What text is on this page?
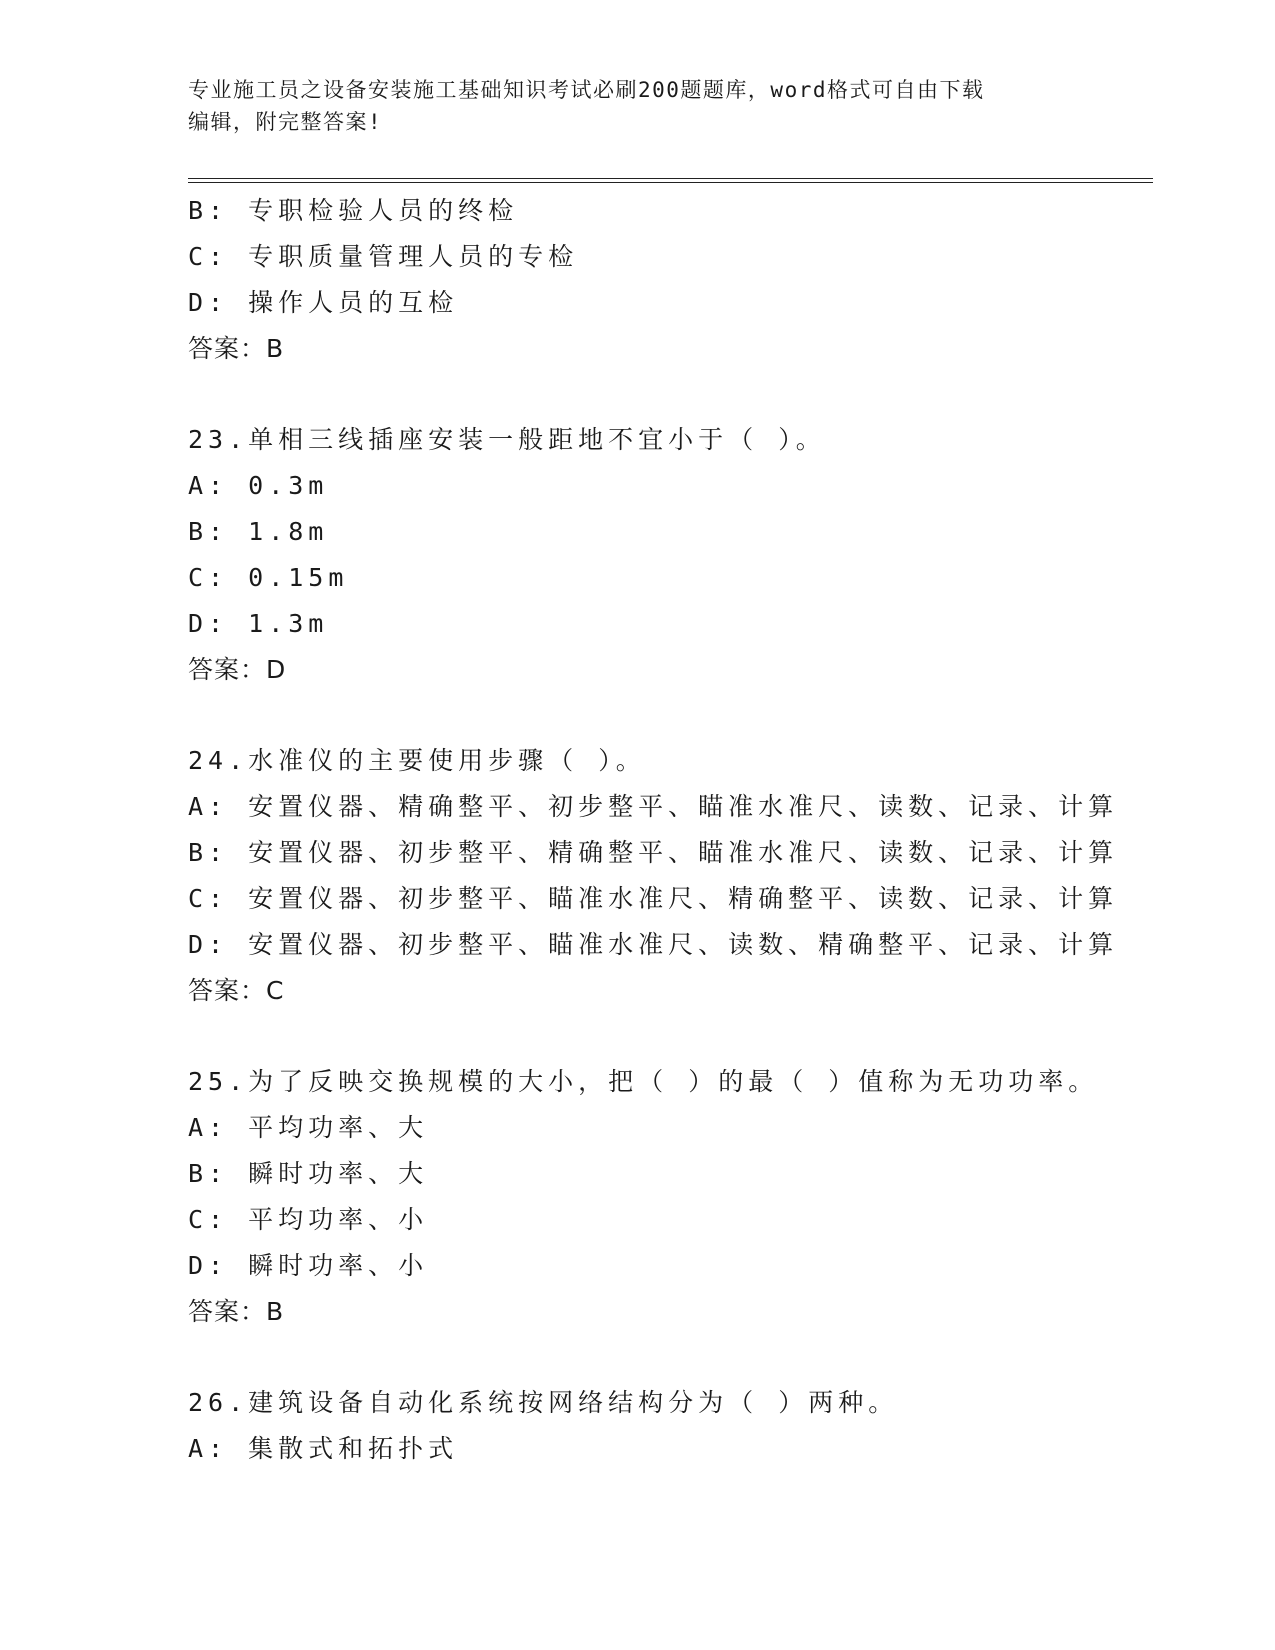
专业施工员之设备安装施工基础知识考试必刷200题题库，word格式可自由下载
编辑，附完整答案!
B: 专职检验人员的终检
C: 专职质量管理人员的专检
D: 操作人员的互检
答案：B
23.单相三线插座安装一般距地不宜小于（ ）。
A: 0.3m
B: 1.8m
C: 0.15m
D: 1.3m
答案：D
24.水准仪的主要使用步骤（ ）。
A: 安置仪器、精确整平、初步整平、瞄准水准尺、读数、记录、计算
B: 安置仪器、初步整平、精确整平、瞄准水准尺、读数、记录、计算
C: 安置仪器、初步整平、瞄准水准尺、精确整平、读数、记录、计算
D: 安置仪器、初步整平、瞄准水准尺、读数、精确整平、记录、计算
答案：C
25.为了反映交换规模的大小，把（ ）的最（ ）值称为无功功率。
A: 平均功率、大
B: 瞬时功率、大
C: 平均功率、小
D: 瞬时功率、小
答案：B
26.建筑设备自动化系统按网络结构分为（ ）两种。
A: 集散式和拓扑式
